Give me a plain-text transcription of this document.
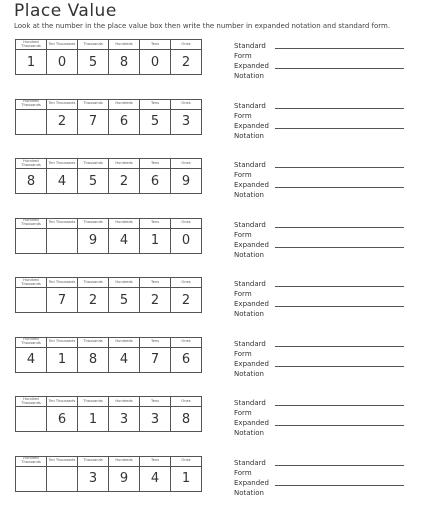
Place Value
Look at the number in the place value box then write the number in expanded notation and standard form.
Hundred Thousands	Ten Thousands	Thousands	Hundreds	Tens	Ones
1	0	5	8	0	2
Standard
Form
Expanded
Notation
Hundred Thousands	Ten Thousands	Thousands	Hundreds	Tens	Ones
	2	7	6	5	3
Standard
Form
Expanded
Notation
Hundred Thousands	Ten Thousands	Thousands	Hundreds	Tens	Ones
8	4	5	2	6	9
Standard
Form
Expanded
Notation
Hundred Thousands	Ten Thousands	Thousands	Hundreds	Tens	Ones
		9	4	1	0
Standard
Form
Expanded
Notation
Hundred Thousands	Ten Thousands	Thousands	Hundreds	Tens	Ones
	7	2	5	2	2
Standard
Form
Expanded
Notation
Hundred Thousands	Ten Thousands	Thousands	Hundreds	Tens	Ones
4	1	8	4	7	6
Standard
Form
Expanded
Notation
Hundred Thousands	Ten Thousands	Thousands	Hundreds	Tens	Ones
	6	1	3	3	8
Standard
Form
Expanded
Notation
Hundred Thousands	Ten Thousands	Thousands	Hundreds	Tens	Ones
		3	9	4	1
Standard
Form
Expanded
Notation
